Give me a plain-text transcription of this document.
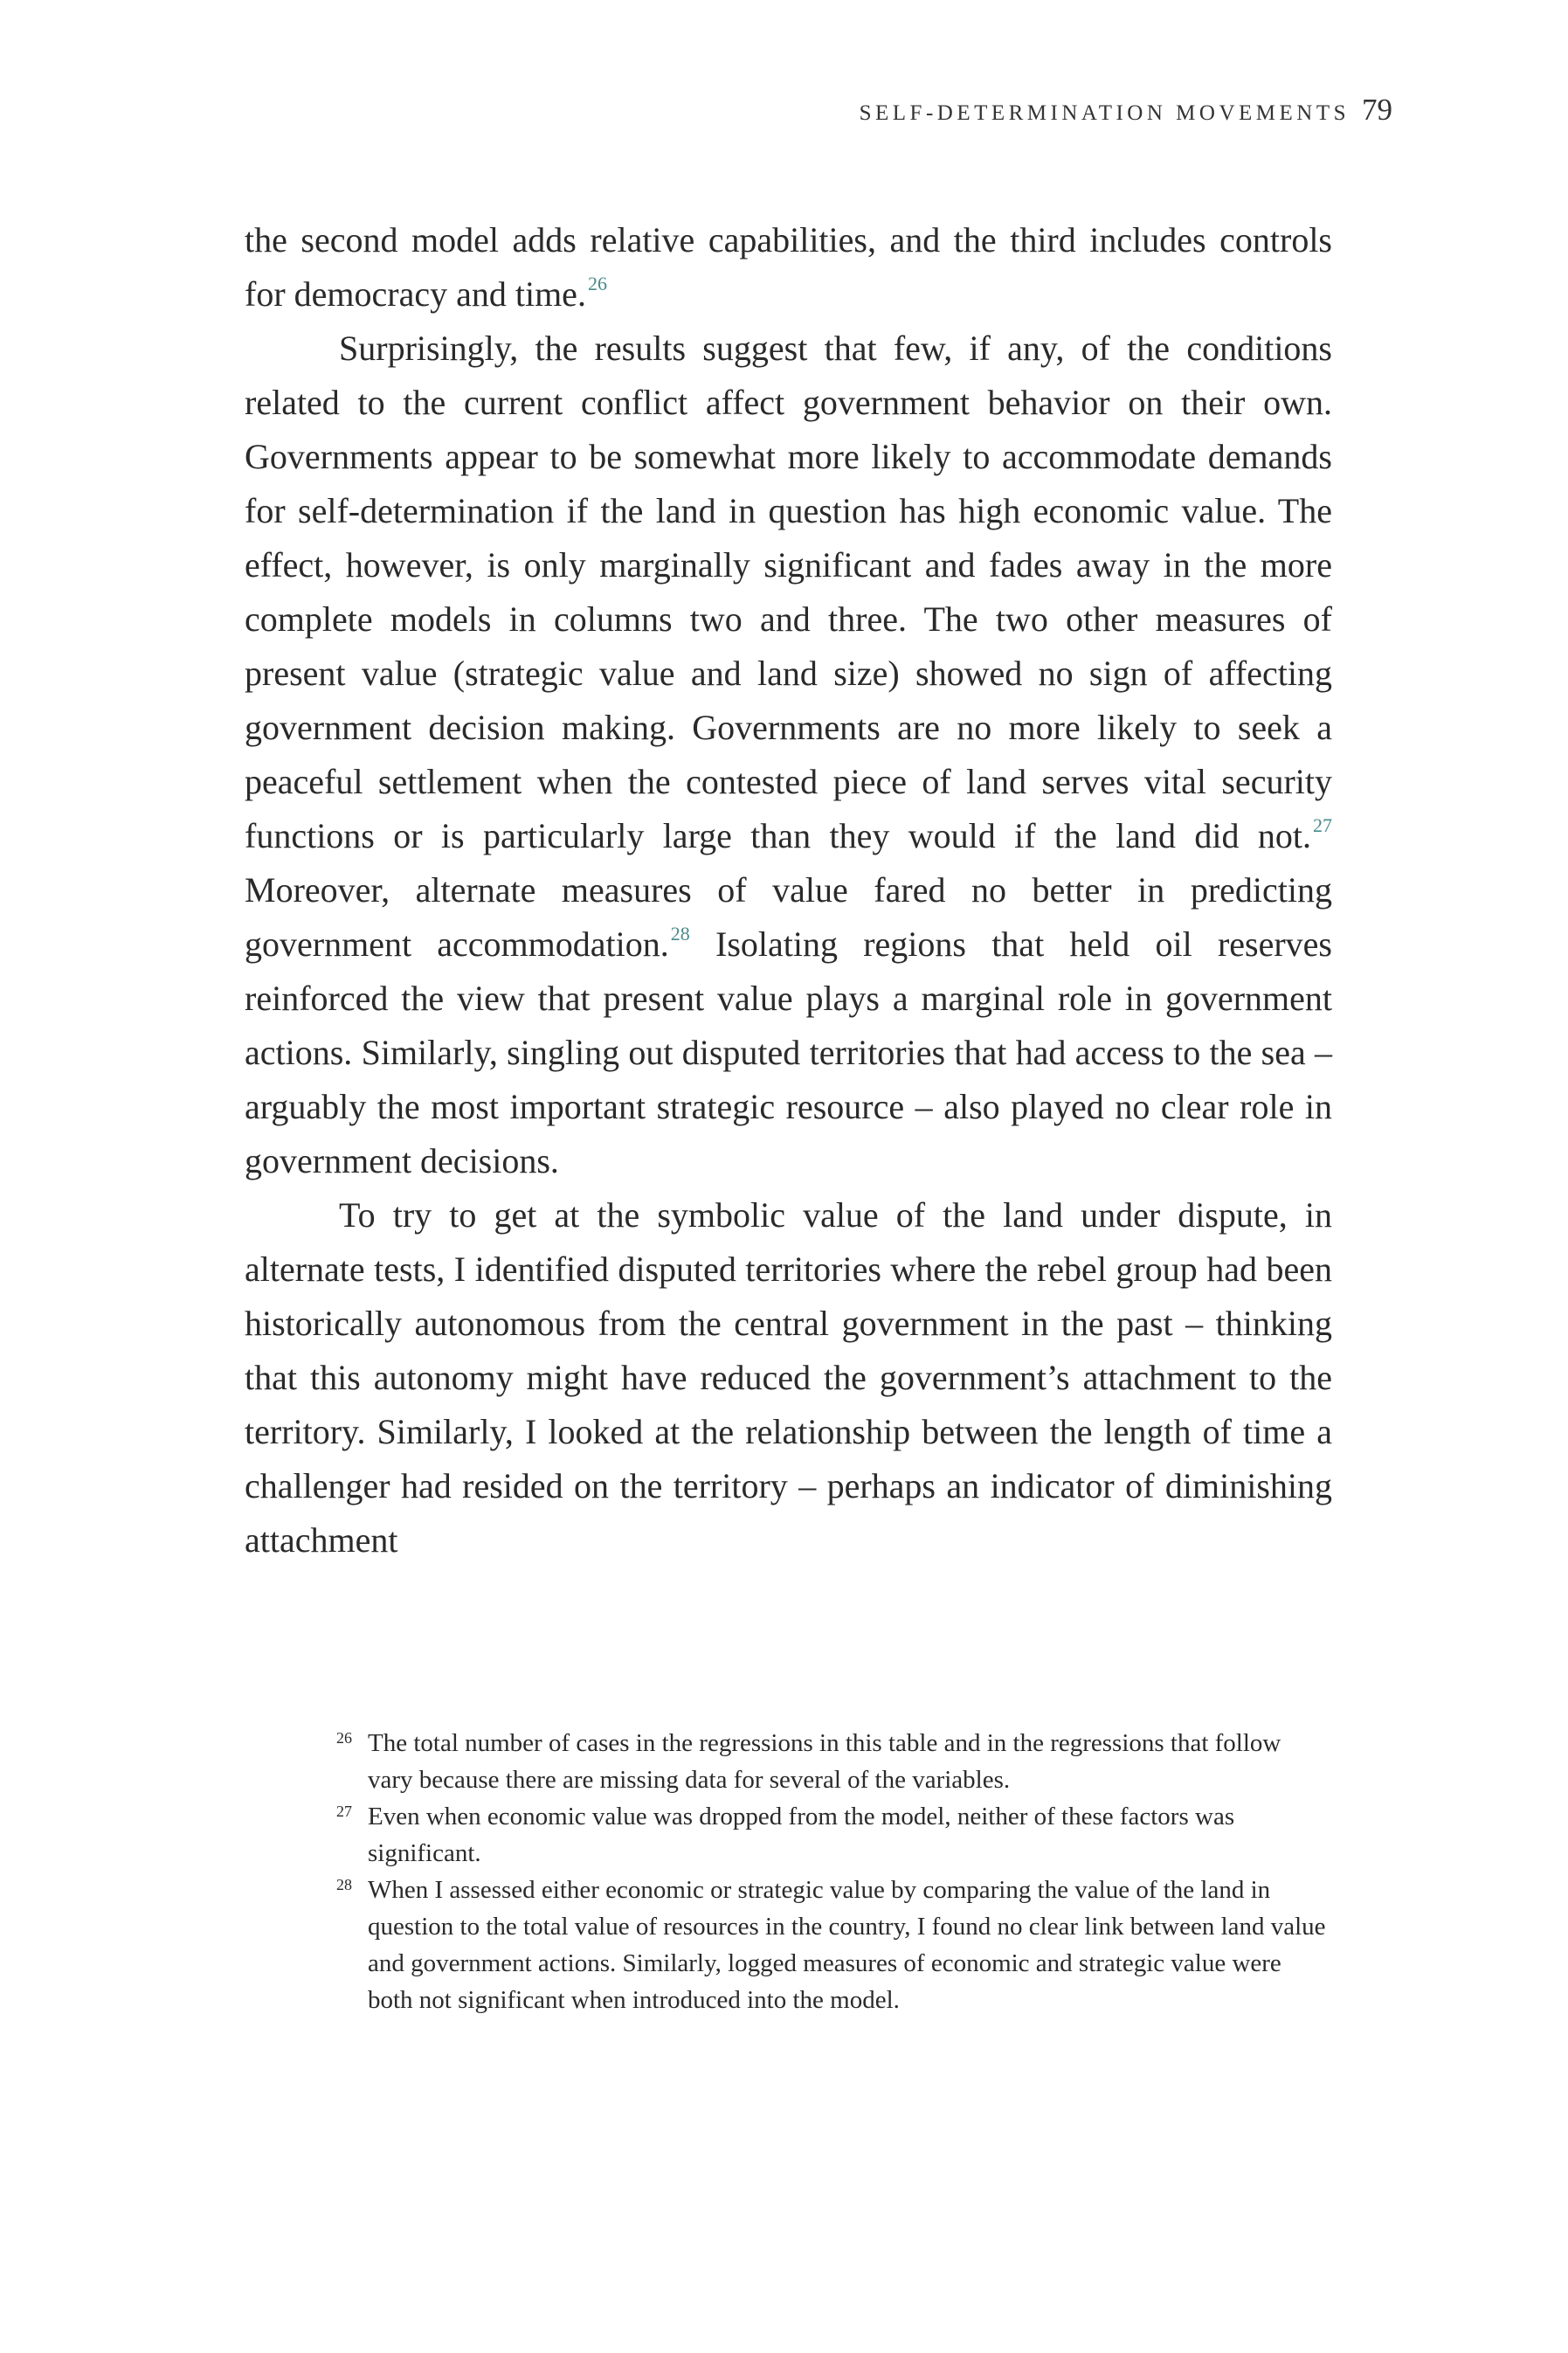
SELF-DETERMINATION MOVEMENTS 79

the second model adds relative capabilities, and the third includes controls for democracy and time.$^{26}$

Surprisingly, the results suggest that few, if any, of the conditions related to the current conflict affect government behavior on their own. Governments appear to be somewhat more likely to accommodate demands for self-determination if the land in question has high economic value. The effect, however, is only marginally significant and fades away in the more complete models in columns two and three. The two other measures of present value (strategic value and land size) showed no sign of affecting government decision making. Governments are no more likely to seek a peaceful settlement when the contested piece of land serves vital security functions or is particularly large than they would if the land did not.$^{27}$ Moreover, alternate measures of value fared no better in predicting government accommodation.$^{28}$ Isolating regions that held oil reserves reinforced the view that present value plays a marginal role in government actions. Similarly, singling out disputed territories that had access to the sea – arguably the most important strategic resource – also played no clear role in government decisions.

To try to get at the symbolic value of the land under dispute, in alternate tests, I identified disputed territories where the rebel group had been historically autonomous from the central government in the past – thinking that this autonomy might have reduced the government’s attachment to the territory. Similarly, I looked at the relationship between the length of time a challenger had resided on the territory – perhaps an indicator of diminishing attachment

26 The total number of cases in the regressions in this table and in the regressions that follow vary because there are missing data for several of the variables.

27 Even when economic value was dropped from the model, neither of these factors was significant.

28 When I assessed either economic or strategic value by comparing the value of the land in question to the total value of resources in the country, I found no clear link between land value and government actions. Similarly, logged measures of economic and strategic value were both not significant when introduced into the model.
